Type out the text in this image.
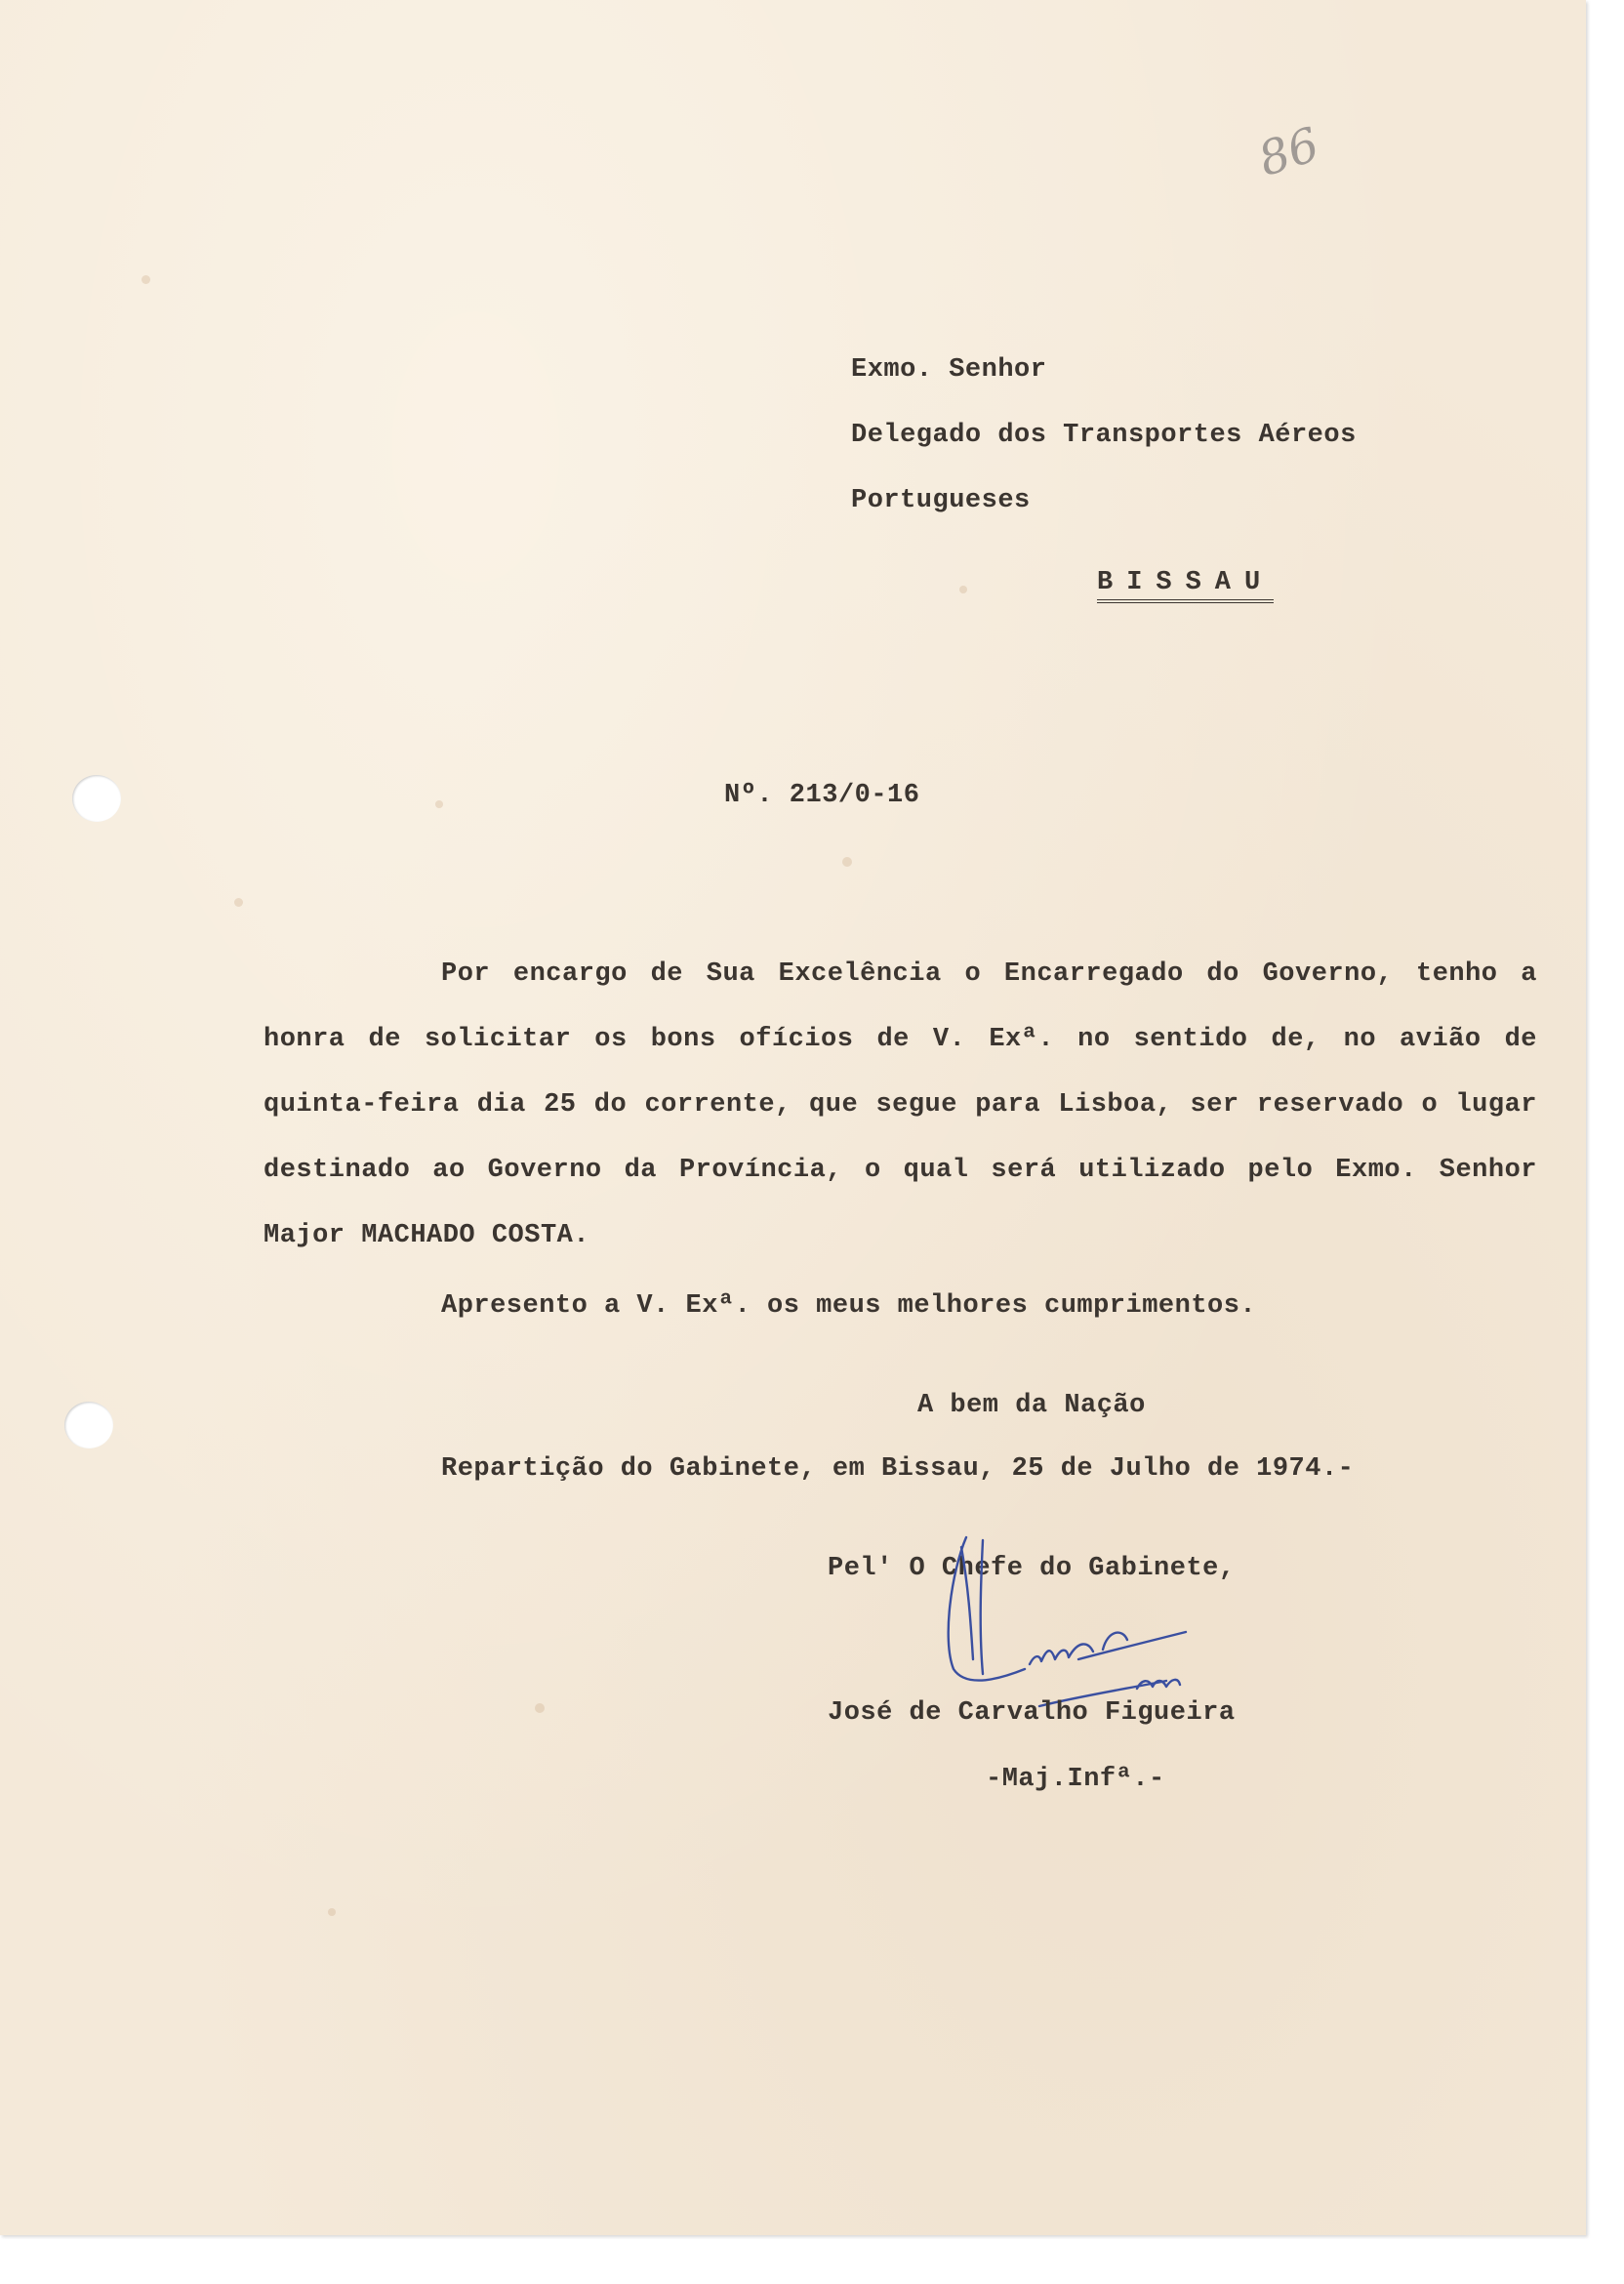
86
Exmo. Senhor
Delegado dos Transportes Aéreos
Portugueses
BISSAU
Nº. 213/0-16
Por encargo de Sua Excelência o Encarregado do Governo, tenho a honra de solicitar os bons ofícios de V. Exª. no sentido de, no avião de quinta-feira dia 25 do corrente, que segue para Lisboa, ser reservado o lugar destinado ao Governo da Província, o qual será utilizado pelo Exmo. Senhor Major MACHADO COSTA.
Apresento a V. Exª. os meus melhores cumprimentos.
A bem da Nação
Repartição do Gabinete, em Bissau, 25 de Julho de 1974.-
Pel' O Chefe do Gabinete,
José de Carvalho Figueira
-Maj.Infª.-
